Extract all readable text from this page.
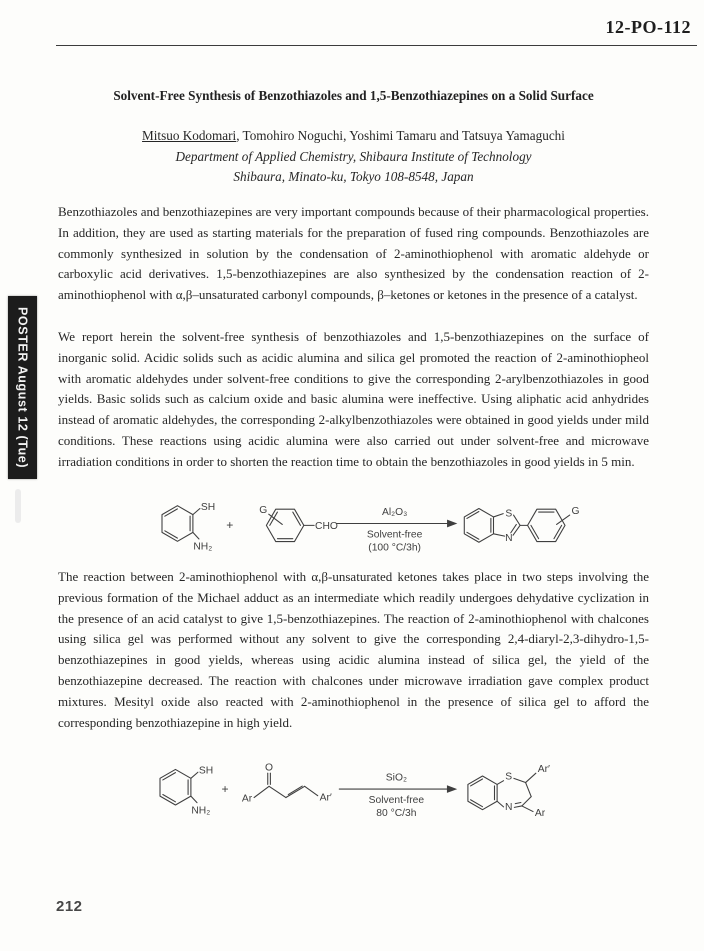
12-PO-112
Solvent-Free Synthesis of Benzothiazoles and 1,5-Benzothiazepines on a Solid Surface
Mitsuo Kodomari, Tomohiro Noguchi, Yoshimi Tamaru and Tatsuya Yamaguchi
Department of Applied Chemistry, Shibaura Institute of Technology
Shibaura, Minato-ku, Tokyo 108-8548, Japan

Benzothiazoles and benzothiazepines are very important compounds because of their pharmacological properties. In addition, they are used as starting materials for the preparation of fused ring compounds. Benzothiazoles are commonly synthesized in solution by the condensation of 2-aminothiophenol with aromatic aldehyde or carboxylic acid derivatives. 1,5-benzothiazepines are also synthesized by the condensation reaction of 2-aminothiophenol with α,β–unsaturated carbonyl compounds, β–ketones or ketones in the presence of a catalyst.

We report herein the solvent-free synthesis of benzothiazoles and 1,5-benzothiazepines on the surface of inorganic solid. Acidic solids such as acidic alumina and silica gel promoted the reaction of 2-aminothiopheol with aromatic aldehydes under solvent-free conditions to give the corresponding 2-arylbenzothiazoles in good yields. Basic solids such as calcium oxide and basic alumina were ineffective. Using aliphatic acid anhydrides instead of aromatic aldehydes, the corresponding 2-alkylbenzothiazoles were obtained in good yields under mild conditions. These reactions using acidic alumina were also carried out under solvent-free and microwave irradiation conditions in order to shorten the reaction time to obtain the benzothiazoles in good yields in 5 min.

The reaction between 2-aminothiophenol with α,β-unsaturated ketones takes place in two steps involving the previous formation of the Michael adduct as an intermediate which readily undergoes dehydative cyclization in the presence of an acid catalyst to give 1,5-benzothiazepines. The reaction of 2-aminothiophenol with chalcones using silica gel was performed without any solvent to give the corresponding 2,4-diaryl-2,3-dihydro-1,5-benzothiazepines in good yields, whereas using acidic alumina instead of silica gel, the yield of the benzothiazepine decreased. The reaction with chalcones under microwave irradiation gave complex product mixtures. Mesityl oxide also reacted with 2-aminothiophenol in the presence of silica gel to afford the corresponding benzothiazepine in high yield.

SH
NH₂
+
G
CHO
Al₂O₃
Solvent-free
(100 °C/3h)
S
N
G
SH
NH₂
+
Ar
O
Ar′
SiO₂
Solvent-free
80 °C/3h
S
Ar′
Ar
N
POSTER August 12 (Tue)
212
